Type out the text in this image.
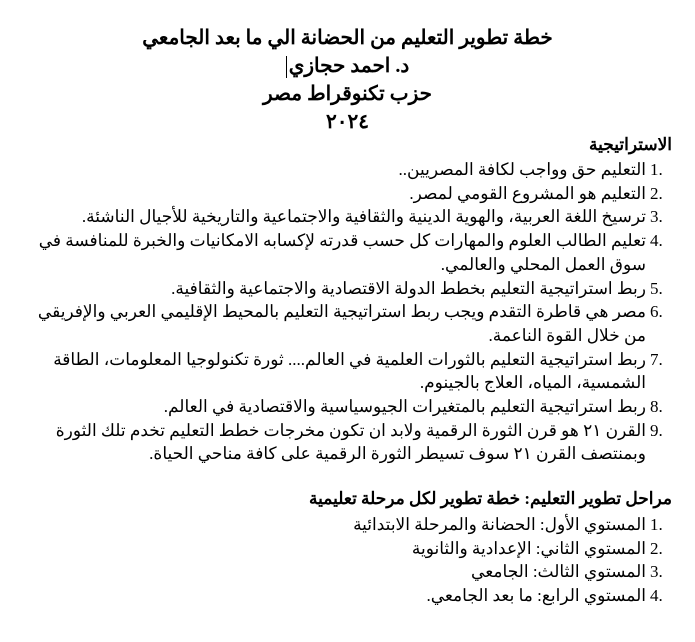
خطة تطوير التعليم من الحضانة الي ما بعد الجامعي
د. احمد حجازي
حزب تكنوقراط مصر
٢٠٢٤
الاستراتيجية
1.
التعليم حق وواجب لكافة المصريين..
2.
التعليم هو المشروع القومي لمصر.
3.
ترسيخ اللغة العربية، والهوية الدينية والثقافية والاجتماعية والتاريخية للأجيال الناشئة.
4.
تعليم الطالب العلوم والمهارات كل حسب قدرته لإكسابه الامكانيات والخبرة للمنافسة في سوق العمل المحلي والعالمي.
5.
ربط استراتيجية التعليم بخطط الدولة الاقتصادية والاجتماعية والثقافية.
6.
مصر هي قاطرة التقدم ويجب ربط استراتيجية التعليم بالمحيط الإقليمي العربي والإفريقي من خلال القوة الناعمة.
7.
ربط استراتيجية التعليم بالثورات العلمية في العالم.... ثورة تكنولوجيا المعلومات، الطاقة الشمسية، المياه، العلاج بالجينوم.
8.
ربط استراتيجية التعليم بالمتغيرات الجيوسياسية والاقتصادية في العالم.
9.
القرن ٢١ هو قرن الثورة الرقمية ولابد ان تكون مخرجات خطط التعليم تخدم تلك الثورة وبمنتصف القرن ٢١ سوف تسيطر الثورة الرقمية على كافة مناحي الحياة.
مراحل تطوير التعليم: خطة تطوير لكل مرحلة تعليمية
1.
المستوي الأول: الحضانة والمرحلة الابتدائية
2.
المستوي الثاني: الإعدادية والثانوية
3.
المستوي الثالث: الجامعي
4.
المستوي الرابع: ما بعد الجامعي.
